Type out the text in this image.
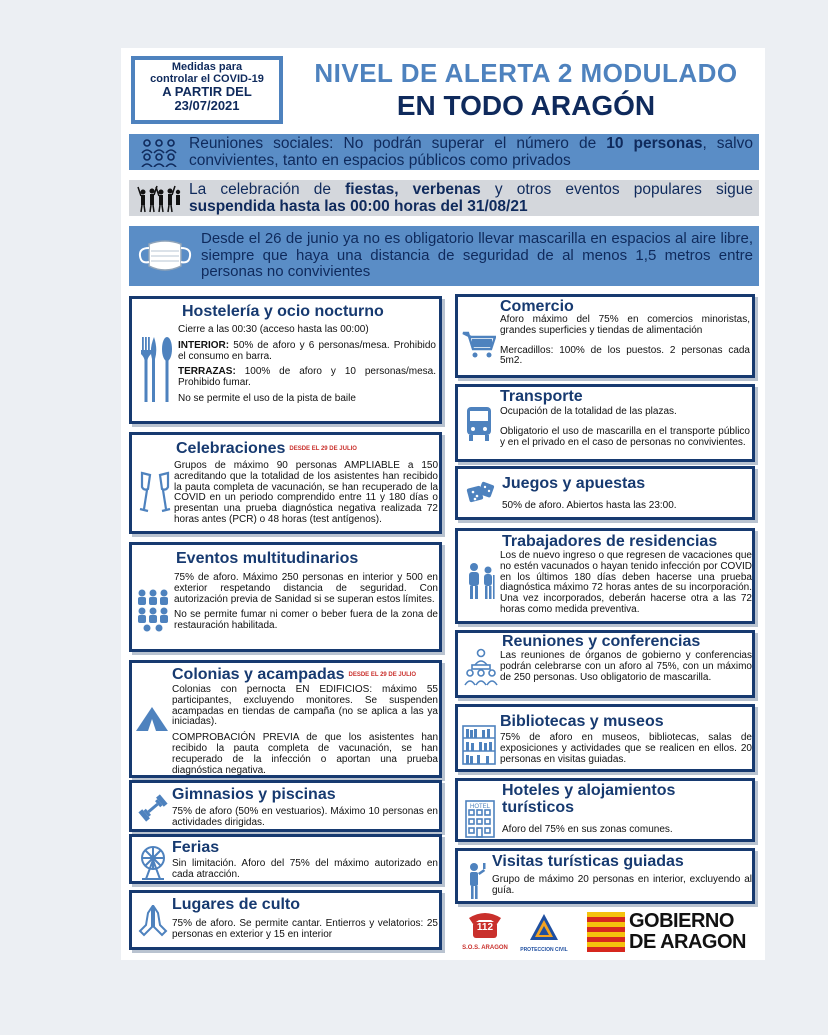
Medidas para
controlar el COVID-19
A PARTIR DEL
23/07/2021
NIVEL DE ALERTA 2 MODULADO
EN TODO ARAGÓN
Reuniones sociales: No podrán superar el número de 10 personas, salvo convivientes, tanto en espacios públicos como privados
La celebración de fiestas, verbenas y otros eventos populares sigue suspendida hasta las 00:00 horas del 31/08/21
Desde el 26 de junio ya no es obligatorio llevar mascarilla en espacios al aire libre, siempre que haya una distancia de seguridad de al menos 1,5 metros entre personas no convivientes
Hostelería y ocio nocturno

Cierre a las 00:30 (acceso hasta las 00:00)

INTERIOR: 50% de aforo y 6 personas/mesa. Prohibido el consumo en barra.

TERRAZAS: 100% de aforo y 10 personas/mesa. Prohibido fumar.

No se permite el uso de la pista de baile

Celebraciones DESDE EL 29 DE JULIO

Grupos de máximo 90 personas AMPLIABLE a 150 acreditando que la totalidad de los asistentes han recibido la pauta completa de vacunación, se han recuperado de la COVID en un periodo comprendido entre 11 y 180 días o presentan una prueba diagnóstica negativa realizada 72 horas antes (PCR) o 48 horas (test antígenos).

Eventos multitudinarios

75% de aforo. Máximo 250 personas en interior y 500 en exterior respetando distancia de seguridad. Con autorización previa de Sanidad si se superan estos límites.

No se permite fumar ni comer o beber fuera de la zona de restauración habilitada.

Colonias y acampadas DESDE EL 29 DE JULIO

Colonias con pernocta EN EDIFICIOS: máximo 55 participantes, excluyendo monitores. Se suspenden acampadas en tiendas de campaña (no se aplica a las ya iniciadas).

COMPROBACIÓN PREVIA de que los asistentes han recibido la pauta completa de vacunación, se han recuperado de la infección o aportan una prueba diagnóstica negativa.

Gimnasios y piscinas

75% de aforo (50% en vestuarios). Máximo 10 personas en actividades dirigidas.

Ferias

Sin limitación. Aforo del 75% del máximo autorizado en cada atracción.

Lugares de culto

75% de aforo. Se permite cantar. Entierros y velatorios: 25 personas en exterior y 15 en interior

Comercio

Aforo máximo del 75% en comercios minoristas, grandes superficies y tiendas de alimentación

Mercadillos: 100% de los puestos. 2 personas cada 5m2.

Transporte

Ocupación de la totalidad de las plazas.

Obligatorio el uso de mascarilla en el transporte público y en el privado en el caso de personas no convivientes.

Juegos y apuestas

50% de aforo. Abiertos hasta las 23:00.

Trabajadores de residencias

Los de nuevo ingreso o que regresen de vacaciones que no estén vacunados o hayan tenido infección por COVID en los últimos 180 días deben hacerse una prueba diagnóstica máximo 72 horas antes de su incorporación. Una vez incorporados, deberán hacerse otra a las 72 horas como medida preventiva.

Reuniones y conferencias

Las reuniones de órganos de gobierno y conferencias podrán celebrarse con un aforo al 75%, con un máximo de 250 personas. Uso obligatorio de mascarilla.

Bibliotecas y museos

75% de aforo en museos, bibliotecas, salas de exposiciones y actividades que se realicen en ellos. 20 personas en visitas guiadas.

Hoteles y alojamientos turísticos
HOTEL

Aforo del 75% en sus zonas comunes.

Visitas turísticas guiadas

Grupo de máximo 20 personas en interior, excluyendo al guía.

112
S.O.S. ARAGON	PROTECCION CIVIL
GOBIERNO
DE ARAGON
